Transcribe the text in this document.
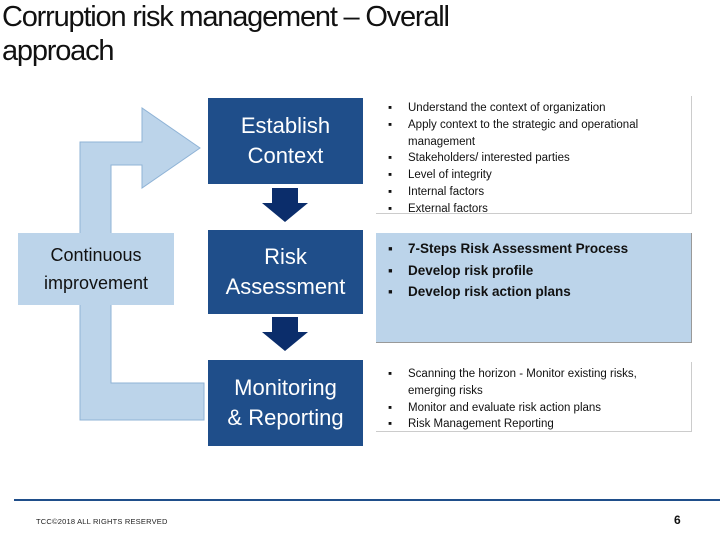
Corruption risk management – Overall
approach
Continuous
improvement
Establish
Context
Risk
Assessment
Monitoring
& Reporting
▪ Understand the context of organization
▪ Apply context to the strategic and operational management
▪ Stakeholders/ interested parties
▪ Level of integrity
▪ Internal factors
▪ External factors
▪ 7-Steps Risk Assessment Process
▪ Develop risk profile
▪ Develop risk action plans
▪ Scanning the horizon - Monitor existing risks, emerging risks
▪ Monitor and evaluate risk action plans
▪ Risk Management Reporting
TCC©2018 ALL RIGHTS RESERVED	6
